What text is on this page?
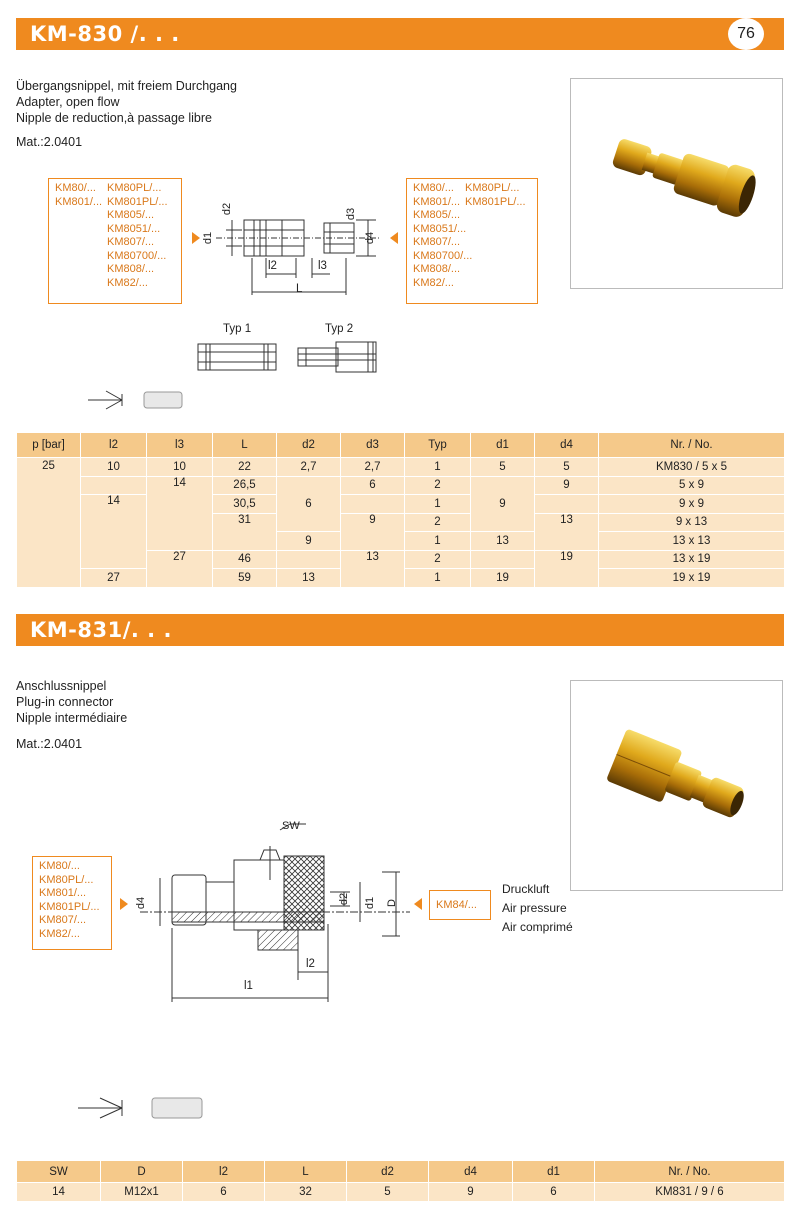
KM-830 /. . .	76
Übergangsnippel, mit freiem Durchgang
Adapter, open flow
Nipple de reduction,à passage libre
Mat.:2.0401
KM80/...
KM801/...
KM80PL/...
KM801PL/...
KM805/...
KM8051/...
KM807/...
KM80700/...
KM808/...
KM82/...
d2
d1
d3
d4
l2	l3
L
KM80/...
KM801/...
KM805/...
KM8051/...
KM807/...
KM80700/...
KM808/...
KM82/...
KM80PL/...
KM801PL/...
Typ 1	Typ 2
p [bar]	l2	l3	L	d2	d3	Typ	d1	d4	Nr. / No.
25	10	10	22	2,7	2,7	1	5	5	KM830 / 5 x 5
		14	26,5	6	6	2	9	9	5 x 9
	14		30,5			1			9 x 9
			31		9	2		13	9 x 13
				9		1	13		13 x 13
		27	46		13	2		19	13 x 19
	27		59	13		1	19		19 x 19
KM-831/. . .
Anschlussnippel
Plug-in connector
Nipple intermédiaire
Mat.:2.0401
KM80/...
KM80PL/...
KM801/...
KM801PL/...
KM807/...
KM82/...
SW
d4	d2 d1 D
l2
l1
KM84/...
Druckluft
Air pressure
Air comprimé
SW	D	l2	L	d2	d4	d1	Nr. / No.
14	M12x1	6	32	5	9	6	KM831 / 9 / 6
